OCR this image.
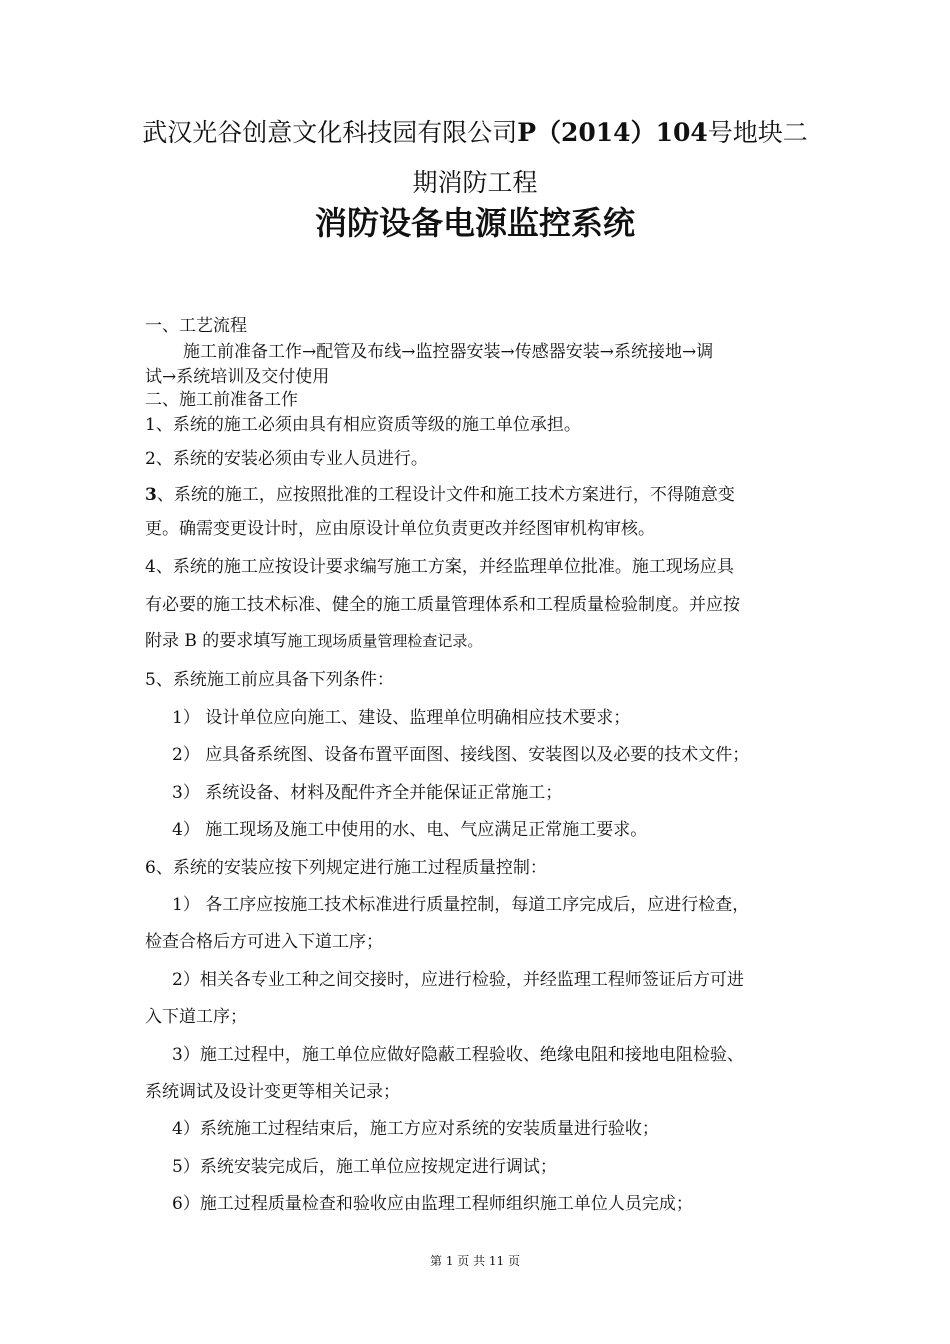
武汉光谷创意文化科技园有限公司P（2014）104号地块二
期消防工程
消防设备电源监控系统
一、工艺流程
施工前准备工作→配管及布线→监控器安装→传感器安装→系统接地→调
试→系统培训及交付使用
二、施工前准备工作
1、系统的施工必须由具有相应资质等级的施工单位承担。
2、系统的安装必须由专业人员进行。
3、系统的施工，应按照批准的工程设计文件和施工技术方案进行，不得随意变
更。确需变更设计时，应由原设计单位负责更改并经图审机构审核。
4、系统的施工应按设计要求编写施工方案，并经监理单位批准。施工现场应具
有必要的施工技术标准、健全的施工质量管理体系和工程质量检验制度。并应按
附录 B 的要求填写施工现场质量管理检查记录。
5、系统施工前应具备下列条件：
1） 设计单位应向施工、建设、监理单位明确相应技术要求；
2） 应具备系统图、设备布置平面图、接线图、安装图以及必要的技术文件；
3） 系统设备、材料及配件齐全并能保证正常施工；
4） 施工现场及施工中使用的水、电、气应满足正常施工要求。
6、系统的安装应按下列规定进行施工过程质量控制：
1） 各工序应按施工技术标准进行质量控制，每道工序完成后，应进行检查，
检查合格后方可进入下道工序；
2）相关各专业工种之间交接时，应进行检验，并经监理工程师签证后方可进
入下道工序；
3）施工过程中，施工单位应做好隐蔽工程验收、绝缘电阻和接地电阻检验、
系统调试及设计变更等相关记录；
4）系统施工过程结束后，施工方应对系统的安装质量进行验收；
5）系统安装完成后，施工单位应按规定进行调试；
6）施工过程质量检查和验收应由监理工程师组织施工单位人员完成；
第 1 页 共 11 页
